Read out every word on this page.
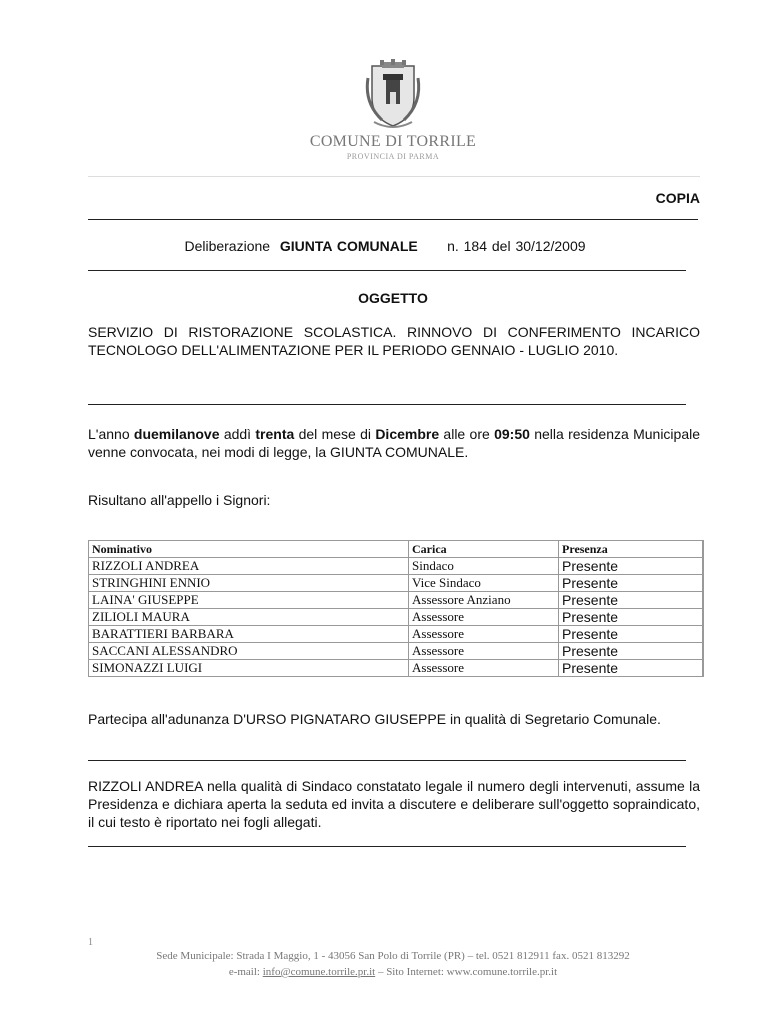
COMUNE DI TORRILE
PROVINCIA DI PARMA
COPIA
Deliberazione GIUNTA COMUNALE n. 184 del 30/12/2009
OGGETTO
SERVIZIO DI RISTORAZIONE SCOLASTICA. RINNOVO DI CONFERIMENTO INCARICO TECNOLOGO DELL'ALIMENTAZIONE PER IL PERIODO GENNAIO - LUGLIO 2010.
L'anno duemilanove addì trenta del mese di Dicembre alle ore 09:50 nella residenza Municipale venne convocata, nei modi di legge, la GIUNTA COMUNALE.
Risultano all'appello i Signori:
Nominativo	Carica	Presenza	
RIZZOLI ANDREA	Sindaco	Presente	
STRINGHINI ENNIO	Vice Sindaco	Presente	
LAINA' GIUSEPPE	Assessore Anziano	Presente	
ZILIOLI MAURA	Assessore	Presente	
BARATTIERI BARBARA	Assessore	Presente	
SACCANI ALESSANDRO	Assessore	Presente	
SIMONAZZI LUIGI	Assessore	Presente	
Partecipa all'adunanza D'URSO PIGNATARO GIUSEPPE in qualità di Segretario Comunale.
RIZZOLI ANDREA nella qualità di Sindaco constatato legale il numero degli intervenuti, assume la Presidenza e dichiara aperta la seduta ed invita a discutere e deliberare sull'oggetto sopraindicato, il cui testo è riportato nei fogli allegati.
1
Sede Municipale: Strada I Maggio, 1 - 43056 San Polo di Torrile (PR) – tel. 0521 812911 fax. 0521 813292
e-mail: info@comune.torrile.pr.it – Sito Internet: www.comune.torrile.pr.it
